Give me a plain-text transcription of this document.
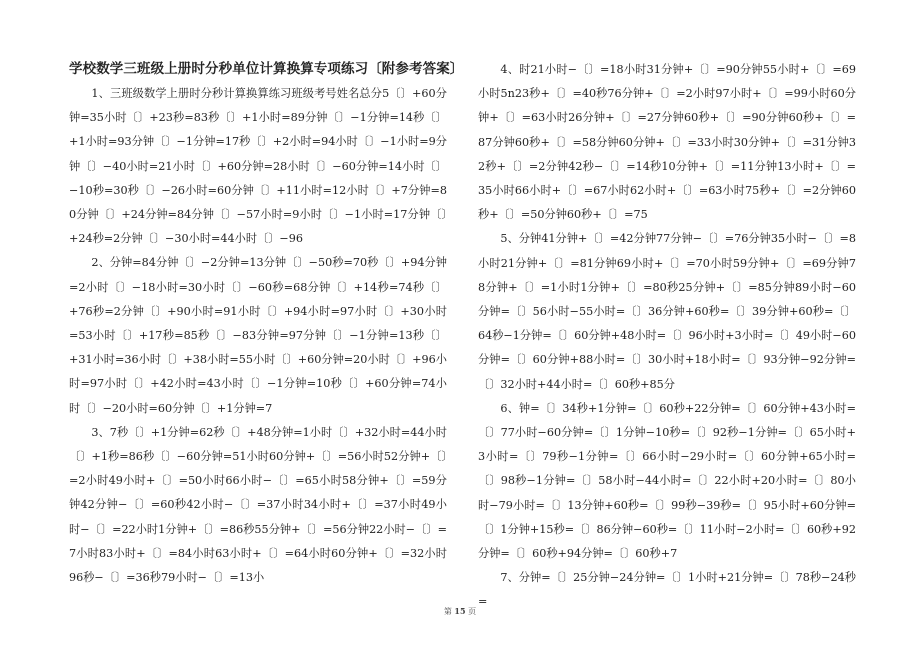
学校数学三班级上册时分秒单位计算换算专项练习〔附参考答案〕

1、三班级数学上册时分秒计算换算练习班级考号姓名总分5〔〕+60分钟=35小时〔〕+23秒=83秒〔〕+1小时=89分钟〔〕−1分钟=14秒〔〕+1小时=93分钟〔〕−1分钟=17秒〔〕+2小时=94小时〔〕−1小时=9分钟〔〕−40小时=21小时〔〕+60分钟=28小时〔〕−60分钟=14小时〔〕−10秒=30秒〔〕−26小时=60分钟〔〕+11小时=12小时〔〕+7分钟=80分钟〔〕+24分钟=84分钟〔〕−57小时=9小时〔〕−1小时=17分钟〔〕+24秒=2分钟〔〕−30小时=44小时〔〕−96

2、分钟=84分钟〔〕−2分钟=13分钟〔〕−50秒=70秒〔〕+94分钟=2小时〔〕−18小时=30小时〔〕−60秒=68分钟〔〕+14秒=74秒〔〕+76秒=2分钟〔〕+90小时=91小时〔〕+94小时=97小时〔〕+30小时=53小时〔〕+17秒=85秒〔〕−83分钟=97分钟〔〕−1分钟=13秒〔〕+31小时=36小时〔〕+38小时=55小时〔〕+60分钟=20小时〔〕+96小时=97小时〔〕+42小时=43小时〔〕−1分钟=10秒〔〕+60分钟=74小时〔〕−20小时=60分钟〔〕+1分钟=7

3、7秒〔〕+1分钟=62秒〔〕+48分钟=1小时〔〕+32小时=44小时〔〕+1秒=86秒〔〕−60分钟=51小时60分钟+〔〕=56小时52分钟+〔〕=2小时49小时+〔〕=50小时66小时−〔〕=65小时58分钟+〔〕=59分钟42分钟−〔〕=60秒42小时−〔〕=37小时34小时+〔〕=37小时49小时−〔〕=22小时1分钟+〔〕=86秒55分钟+〔〕=56分钟22小时−〔〕=7小时83小时+〔〕=84小时63小时+〔〕=64小时60分钟+〔〕=32小时96秒−〔〕=36秒79小时−〔〕=13小

4、时21小时−〔〕=18小时31分钟+〔〕=90分钟55小时+〔〕=69小时5n23秒+〔〕=40秒76分钟+〔〕=2小时97小时+〔〕=99小时60分钟+〔〕=63小时26分钟+〔〕=27分钟60秒+〔〕=90分钟60秒+〔〕=87分钟60秒+〔〕=58分钟60分钟+〔〕=33小时30分钟+〔〕=31分钟32秒+〔〕=2分钟42秒−〔〕=14秒10分钟+〔〕=11分钟13小时+〔〕=35小时66小时+〔〕=67小时62小时+〔〕=63小时75秒+〔〕=2分钟60秒+〔〕=50分钟60秒+〔〕=75

5、分钟41分钟+〔〕=42分钟77分钟−〔〕=76分钟35小时−〔〕=8小时21分钟+〔〕=81分钟69小时+〔〕=70小时59分钟+〔〕=69分钟78分钟+〔〕=1小时1分钟+〔〕=80秒25分钟+〔〕=85分钟89小时−60分钟=〔〕56小时−55小时=〔〕36分钟+60秒=〔〕39分钟+60秒=〔〕64秒−1分钟=〔〕60分钟+48小时=〔〕96小时+3小时=〔〕49小时−60分钟=〔〕60分钟+88小时=〔〕30小时+18小时=〔〕93分钟−92分钟=〔〕32小时+44小时=〔〕60秒+85分

6、钟=〔〕34秒+1分钟=〔〕60秒+22分钟=〔〕60分钟+43小时=〔〕77小时−60分钟=〔〕1分钟−10秒=〔〕92秒−1分钟=〔〕65小时+3小时=〔〕79秒−1分钟=〔〕66小时−29小时=〔〕60分钟+65小时=〔〕98秒−1分钟=〔〕58小时−44小时=〔〕22小时+20小时=〔〕80小时−79小时=〔〕13分钟+60秒=〔〕99秒−39秒=〔〕95小时+60分钟=〔〕1分钟+15秒=〔〕86分钟−60秒=〔〕11小时−2小时=〔〕60秒+92分钟=〔〕60秒+94分钟=〔〕60秒+7

7、分钟=〔〕25分钟−24分钟=〔〕1小时+21分钟=〔〕78秒−24秒=

第 15 页
